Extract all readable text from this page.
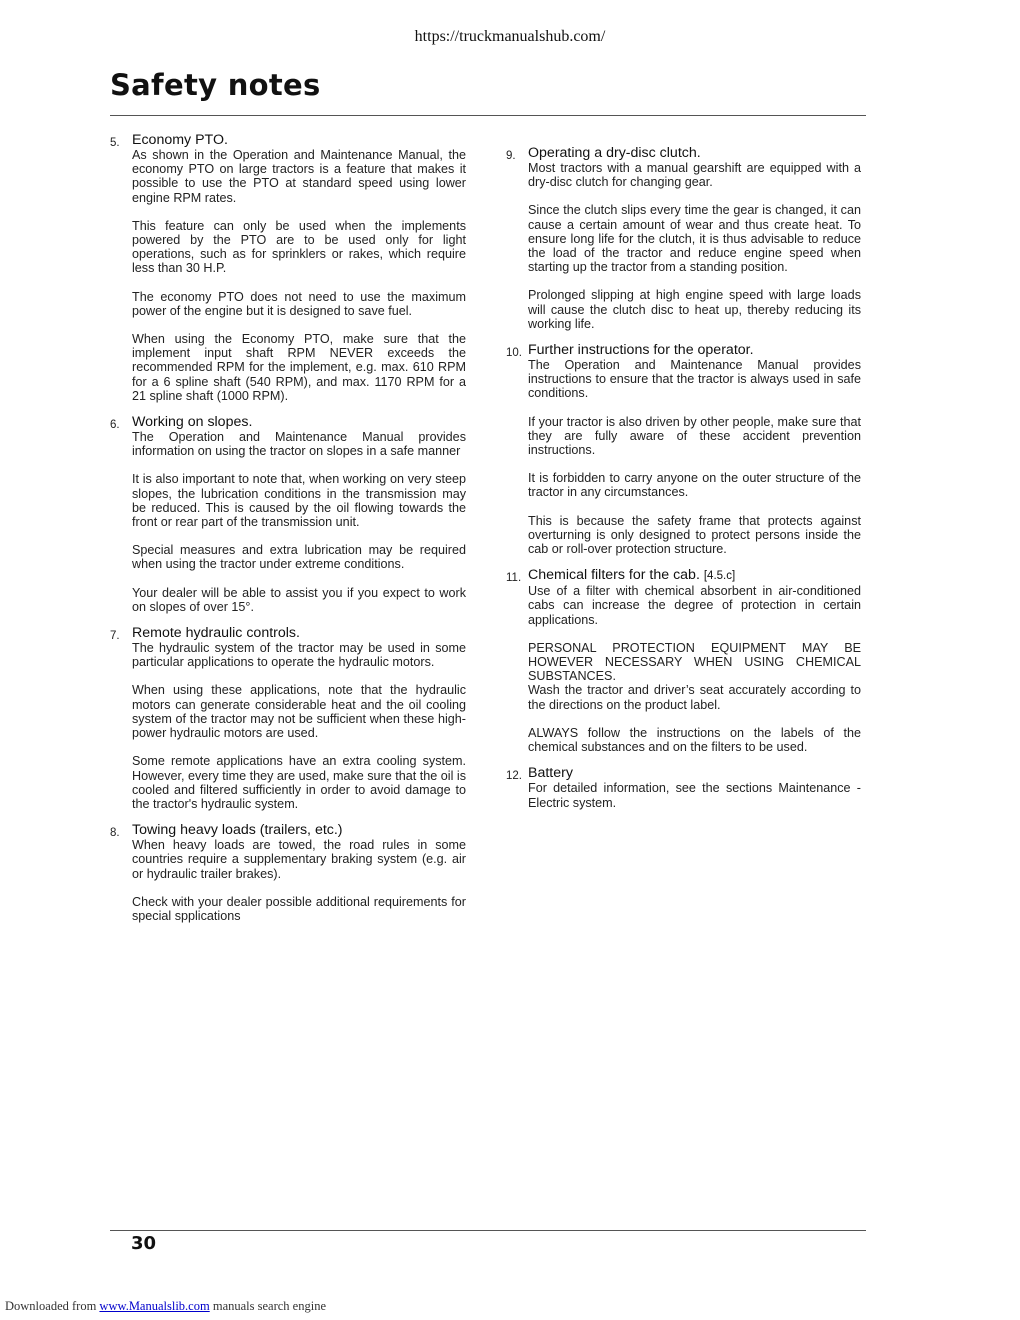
https://truckmanualshub.com/
Safety notes
5. Economy PTO.

As shown in the Operation and Maintenance Manual, the economy PTO on large tractors is a feature that makes it possible to use the PTO at standard speed using lower engine RPM rates.

This feature can only be used when the implements powered by the PTO are to be used only for light operations, such as for sprinklers or rakes, which require less than 30 H.P.

The economy PTO does not need to use the maximum power of the engine but it is designed to save fuel.

When using the Economy PTO, make sure that the implement input shaft RPM NEVER exceeds the recommended RPM for the implement, e.g. max. 610 RPM for a 6 spline shaft (540 RPM), and max. 1170 RPM for a 21 spline shaft (1000 RPM).

6. Working on slopes.

The Operation and Maintenance Manual provides information on using the tractor on slopes in a safe manner

It is also important to note that, when working on very steep slopes, the lubrication conditions in the transmission may be reduced. This is caused by the oil flowing towards the front or rear part of the transmission unit.

Special measures and extra lubrication may be required when using the tractor under extreme conditions.

Your dealer will be able to assist you if you expect to work on slopes of over 15°.

7. Remote hydraulic controls.

The hydraulic system of the tractor may be used in some particular applications to operate the hydraulic motors.

When using these applications, note that the hydraulic motors can generate considerable heat and the oil cooling system of the tractor may not be sufficient when these high-power hydraulic motors are used.

Some remote applications have an extra cooling system. However, every time they are used, make sure that the oil is cooled and filtered sufficiently in order to avoid damage to the tractor's hydraulic system.

8. Towing heavy loads (trailers, etc.)

When heavy loads are towed, the road rules in some countries require a supplementary braking system (e.g. air or hydraulic trailer brakes).

Check with your dealer possible additional requirements for special spplications

9. Operating a dry-disc clutch.

Most tractors with a manual gearshift are equipped with a dry-disc clutch for changing gear.

Since the clutch slips every time the gear is changed, it can cause a certain amount of wear and thus create heat. To ensure long life for the clutch, it is thus advisable to reduce the load of the tractor and reduce engine speed when starting up the tractor from a standing position.

Prolonged slipping at high engine speed with large loads will cause the clutch disc to heat up, thereby reducing its working life.

10. Further instructions for the operator.

The Operation and Maintenance Manual provides instructions to ensure that the tractor is always used in safe conditions.

If your tractor is also driven by other people, make sure that they are fully aware of these accident prevention instructions.

It is forbidden to carry anyone on the outer structure of the tractor in any circumstances.

This is because the safety frame that protects against overturning is only designed to protect persons inside the cab or roll-over protection structure.

11. Chemical filters for the cab. [4.5.c]

Use of a filter with chemical absorbent in air-conditioned cabs can increase the degree of protection in certain applications.

PERSONAL PROTECTION EQUIPMENT MAY BE HOWEVER NECESSARY WHEN USING CHEMICAL SUBSTANCES.

Wash the tractor and driver’s seat accurately according to the directions on the product label.

ALWAYS follow the instructions on the labels of the chemical substances and on the filters to be used.

12. Battery

For detailed information, see the sections Maintenance - Electric system.

30
Downloaded from www.Manualslib.com manuals search engine
